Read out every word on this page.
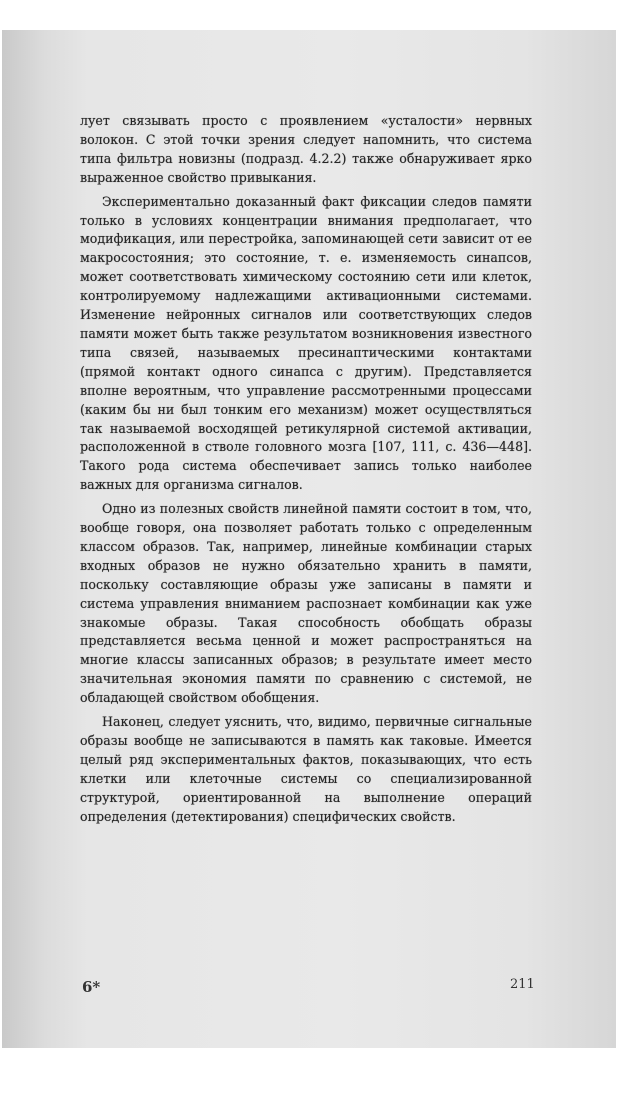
лует связывать просто с проявлением «усталости» нервных волокон. С этой точки зрения следует напомнить, что система типа фильтра новизны (подразд. 4.2.2) также обнаруживает ярко выраженное свойство привыкания.

Экспериментально доказанный факт фиксации следов памяти только в условиях концентрации внимания предполагает, что модификация, или перестройка, запоминающей сети зависит от ее макросостояния; это состояние, т. е. изменяемость синапсов, может соответствовать химическому состоянию сети или клеток, контролируемому надлежащими активационными системами. Изменение нейронных сигналов или соответствующих следов памяти может быть также результатом возникновения известного типа связей, называемых пресинаптическими контактами (прямой контакт одного синапса с другим). Представляется вполне вероятным, что управление рассмотренными процессами (каким бы ни был тонким его механизм) может осуществляться так называемой восходящей ретикулярной системой активации, расположенной в стволе головного мозга [107, 111, с. 436—448]. Такого рода система обеспечивает запись только наиболее важных для организма сигналов.

Одно из полезных свойств линейной памяти состоит в том, что, вообще говоря, она позволяет работать только с определенным классом образов. Так, например, линейные комбинации старых входных образов не нужно обязательно хранить в памяти, поскольку составляющие образы уже записаны в памяти и система управления вниманием распознает комбинации как уже знакомые образы. Такая способность обобщать образы представляется весьма ценной и может распространяться на многие классы записанных образов; в результате имеет место значительная экономия памяти по сравнению с системой, не обладающей свойством обобщения.

Наконец, следует уяснить, что, видимо, первичные сигнальные образы вообще не записываются в память как таковые. Имеется целый ряд экспериментальных фактов, показывающих, что есть клетки или клеточные системы со специализированной структурой, ориентированной на выполнение операций определения (детектирования) специфических свойств.

6*	211
